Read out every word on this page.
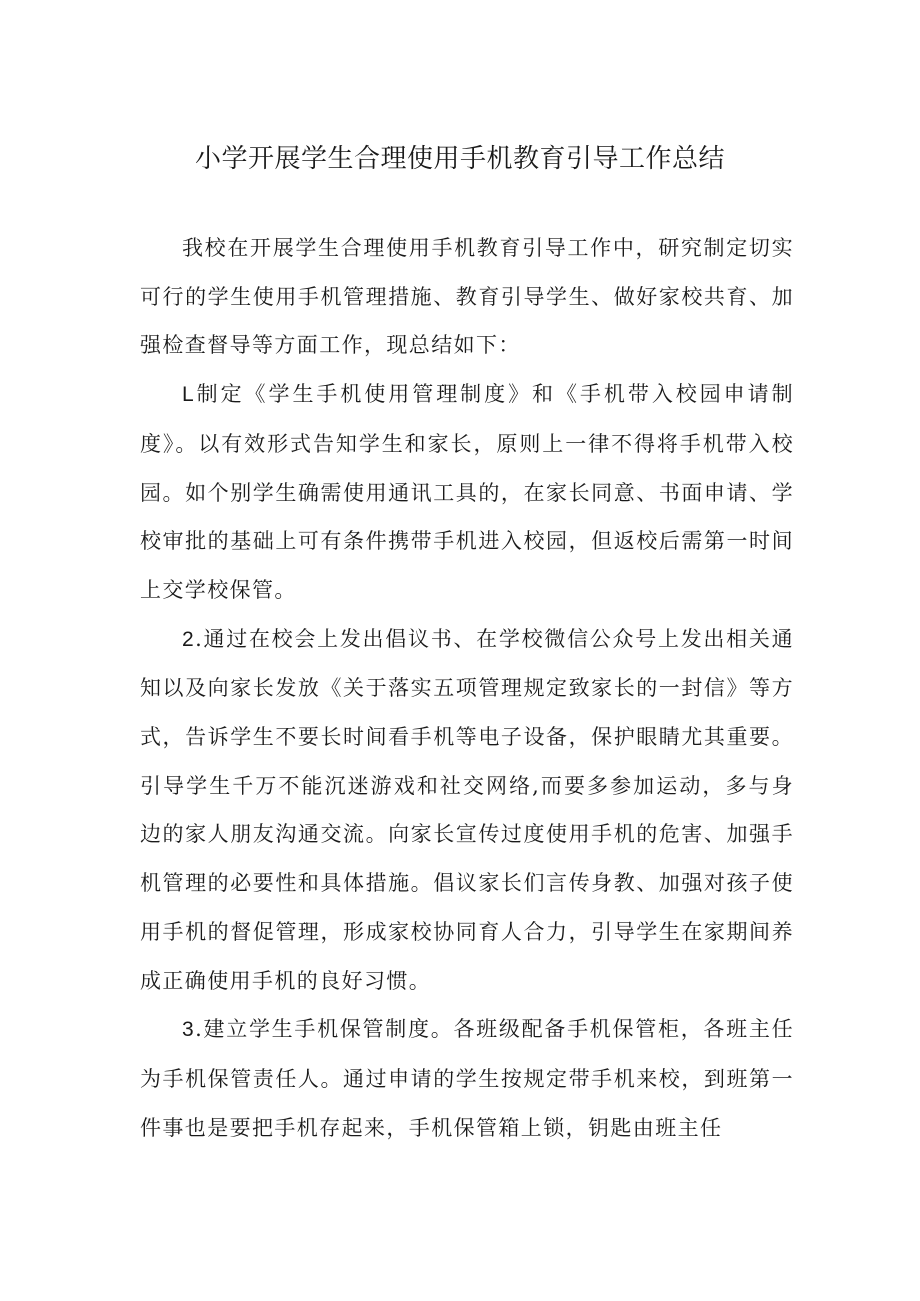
小学开展学生合理使用手机教育引导工作总结

我校在开展学生合理使用手机教育引导工作中，研究制定切实可行的学生使用手机管理措施、教育引导学生、做好家校共育、加强检查督导等方面工作，现总结如下：

L制定《学生手机使用管理制度》和《手机带入校园申请制度》。以有效形式告知学生和家长，原则上一律不得将手机带入校园。如个别学生确需使用通讯工具的，在家长同意、书面申请、学校审批的基础上可有条件携带手机进入校园，但返校后需第一时间上交学校保管。

2.通过在校会上发出倡议书、在学校微信公众号上发出相关通知以及向家长发放《关于落实五项管理规定致家长的一封信》等方式，告诉学生不要长时间看手机等电子设备，保护眼睛尤其重要。引导学生千万不能沉迷游戏和社交网络,而要多参加运动，多与身边的家人朋友沟通交流。向家长宣传过度使用手机的危害、加强手机管理的必要性和具体措施。倡议家长们言传身教、加强对孩子使用手机的督促管理，形成家校协同育人合力，引导学生在家期间养成正确使用手机的良好习惯。

3.建立学生手机保管制度。各班级配备手机保管柜，各班主任为手机保管责任人。通过申请的学生按规定带手机来校，到班第一件事也是要把手机存起来，手机保管箱上锁，钥匙由班主任
